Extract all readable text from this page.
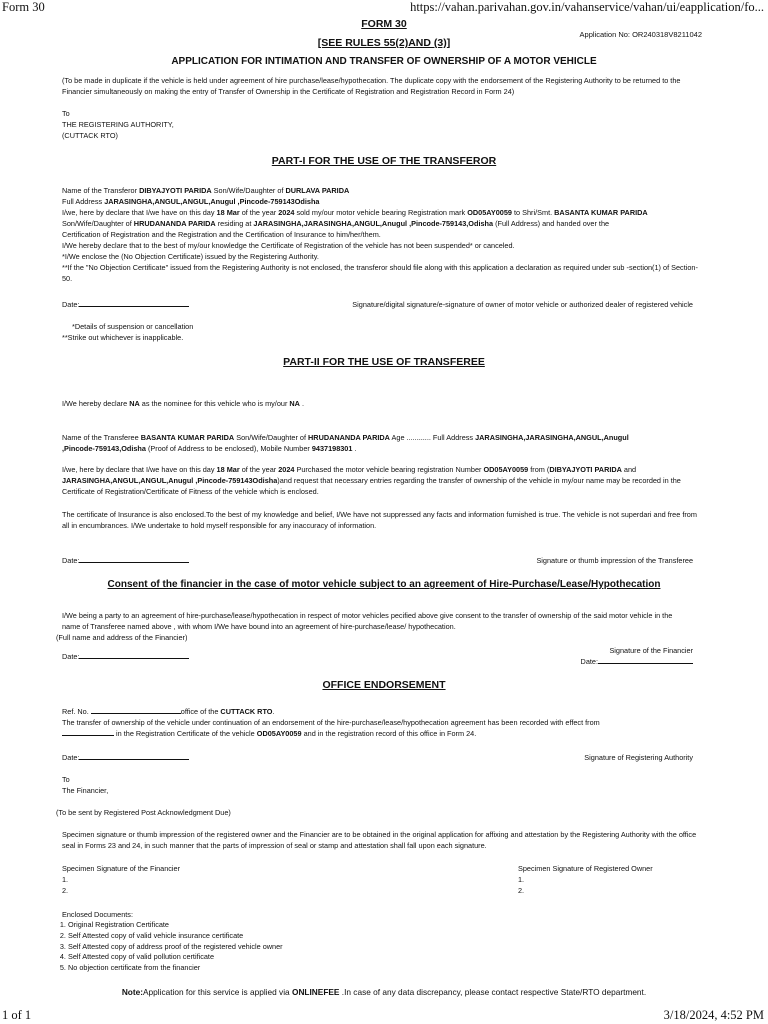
Form 30	https://vahan.parivahan.gov.in/vahanservice/vahan/ui/eapplication/fo...
1 of 1	3/18/2024, 4:52 PM
FORM 30
[SEE RULES 55(2)AND (3)]
Application No: OR240318V8211042
APPLICATION FOR INTIMATION AND TRANSFER OF OWNERSHIP OF A MOTOR VEHICLE
(To be made in duplicate if the vehicle is held under agreement of hire purchase/lease/hypothecation. The duplicate copy with the endorsement of the Registering Authority to be returned to the Financier simultaneously on making the entry of Transfer of Ownership in the Certificate of Registration and Registration Record in Form 24)
To
THE REGISTERING AUTHORITY,
(CUTTACK RTO)
PART-I FOR THE USE OF THE TRANSFEROR

Name of the Transferor DIBYAJYOTI PARIDA Son/Wife/Daughter of DURLAVA PARIDA

Full Address JARASINGHA,ANGUL,ANGUL,Anugul ,Pincode-759143Odisha

I/we, here by declare that I/we have on this day 18 Mar of the year 2024 sold my/our motor vehicle bearing Registration mark OD05AY0059 to Shri/Smt. BASANTA KUMAR PARIDA
Son/Wife/Daughter of HRUDANANDA PARIDA residing at JARASINGHA,JARASINGHA,ANGUL,Anugul ,Pincode-759143,Odisha (Full Address) and handed over the

Certification of Registration and the Registration and the Certification of Insurance to him/her/them.

I/We hereby declare that to the best of my/our knowledge the Certificate of Registration of the vehicle has not been suspended* or canceled.

*I/We enclose the (No Objection Certificate) issued by the Registering Authority.

**If the "No Objection Certificate" issued from the Registering Authority is not enclosed, the transferor should file along with this application a declaration as required under sub -section(1) of Section-50.

Date:	Signature/digital signature/e-signature of owner of motor vehicle or authorized dealer of registered vehicle
*Details of suspension or cancellation
**Strike out whichever is inapplicable.
PART-II FOR THE USE OF TRANSFEREE
I/We hereby declare NA as the nominee for this vehicle who is my/our NA .
Name of the Transferee BASANTA KUMAR PARIDA Son/Wife/Daughter of HRUDANANDA PARIDA Age ............ Full Address JARASINGHA,JARASINGHA,ANGUL,Anugul
,Pincode-759143,Odisha (Proof of Address to be enclosed), Mobile Number 9437198301 .
I/we, here by declare that I/we have on this day 18 Mar of the year 2024 Purchased the motor vehicle bearing registration Number OD05AY0059 from (DIBYAJYOTI PARIDA and JARASINGHA,ANGUL,ANGUL,Anugul ,Pincode-759143Odisha)and request that necessary entries regarding the transfer of ownership of the vehicle in my/our name may be recorded in the Certificate of Registration/Certificate of Fitness of the vehicle which is enclosed.
The certificate of Insurance is also enclosed.To the best of my knowledge and belief, I/We have not suppressed any facts and information furnished is true. The vehicle is not superdari and free from all in encumbrances. I/We undertake to hold myself responsible for any inaccuracy of information.
Date:	Signature or thumb impression of the Transferee
Consent of the financier in the case of motor vehicle subject to an agreement of Hire-Purchase/Lease/Hypothecation
I/We being a party to an agreement of hire-purchase/lease/hypothecation in respect of motor vehicles pecified above give consent to the transfer of ownership of the said motor vehicle in the name of Transferee named above , with whom I/We have bound into an agreement of hire-purchase/lease/ hypothecation.
(Full name and address of the Financier)
Signature of the Financier
Date:
Date:
OFFICE ENDORSEMENT
Ref. No.	office of the CUTTACK RTO.
The transfer of ownership of the vehicle under continuation of an endorsement of the hire-purchase/lease/hypothecation agreement has been recorded with effect from
in the Registration Certificate of the vehicle OD05AY0059 and in the registration record of this office in Form 24.
Date:	Signature of Registering Authority
To
The Financier,
(To be sent by Registered Post Acknowledgment Due)
Specimen signature or thumb impression of the registered owner and the Financier are to be obtained in the original application for affixing and attestation by the Registering Authority with the office seal in Forms 23 and 24, in such manner that the parts of impression of seal or stamp and attestation shall fall upon each signature.
Specimen Signature of the Financier
1.
2.
Specimen Signature of Registered Owner
1.
2.
Enclosed Documents:
1. Original Registration Certificate
2. Self Attested copy of valid vehicle insurance certificate
3. Self Attested copy of address proof of the registered vehicle owner
4. Self Attested copy of valid pollution certificate
5. No objection certificate from the financier
Note:Application for this service is applied via ONLINEFEE .In case of any data discrepancy, please contact respective State/RTO department.
